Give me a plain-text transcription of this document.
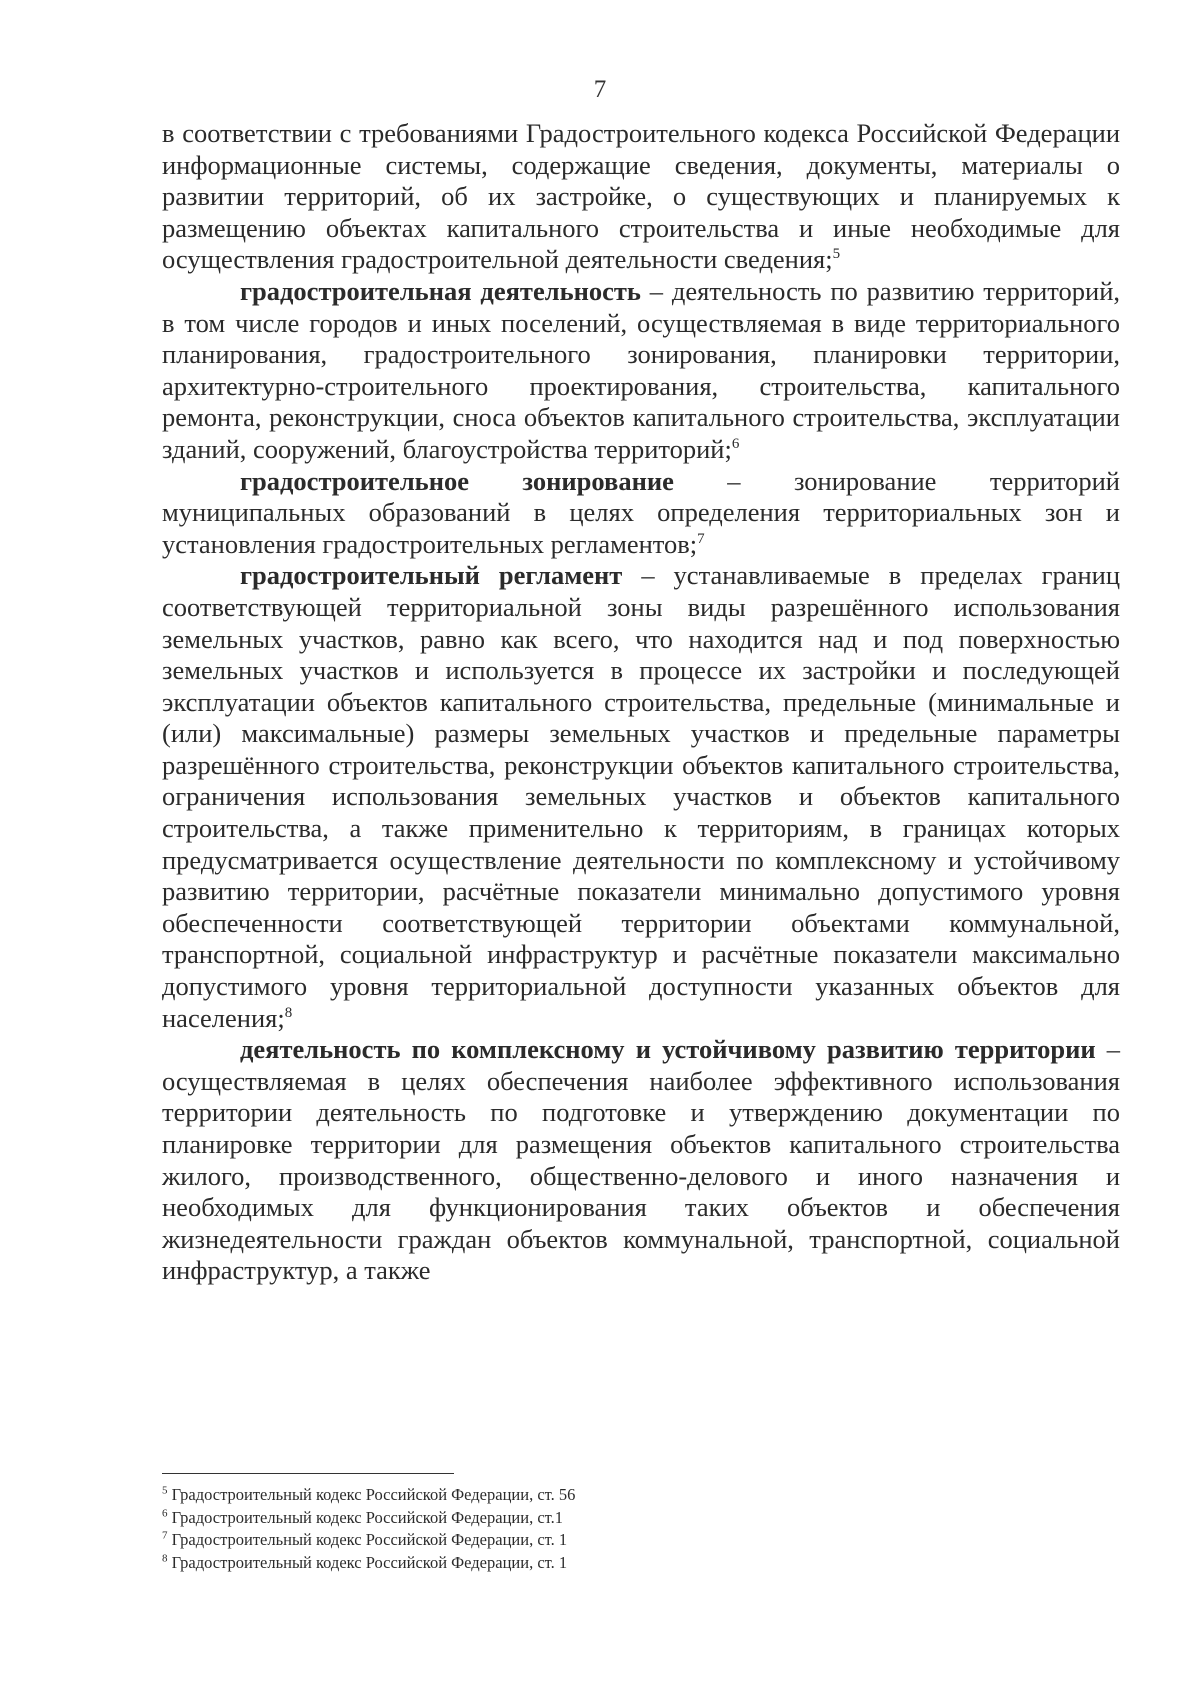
7

в соответствии с требованиями Градостроительного кодекса Российской Федерации информационные системы, содержащие сведения, документы, материалы о развитии территорий, об их застройке, о существующих и планируемых к размещению объектах капитального строительства и иные необходимые для осуществления градостроительной деятельности сведения;$^5$

градостроительная деятельность – деятельность по развитию территорий, в том числе городов и иных поселений, осуществляемая в виде территориального планирования, градостроительного зонирования, планировки территории, архитектурно-строительного проектирования, строительства, капитального ремонта, реконструкции, сноса объектов капитального строительства, эксплуатации зданий, сооружений, благоустройства территорий;$^6$

градостроительное зонирование – зонирование территорий муниципальных образований в целях определения территориальных зон и установления градостроительных регламентов;$^7$

градостроительный регламент – устанавливаемые в пределах границ соответствующей территориальной зоны виды разрешённого использования земельных участков, равно как всего, что находится над и под поверхностью земельных участков и используется в процессе их застройки и последующей эксплуатации объектов капитального строительства, предельные (минимальные и (или) максимальные) размеры земельных участков и предельные параметры разрешённого строительства, реконструкции объектов капитального строительства, ограничения использования земельных участков и объектов капитального строительства, а также применительно к территориям, в границах которых предусматривается осуществление деятельности по комплексному и устойчивому развитию территории, расчётные показатели минимально допустимого уровня обеспеченности соответствующей территории объектами коммунальной, транспортной, социальной инфраструктур и расчётные показатели максимально допустимого уровня территориальной доступности указанных объектов для населения;$^8$

деятельность по комплексному и устойчивому развитию территории – осуществляемая в целях обеспечения наиболее эффективного использования территории деятельность по подготовке и утверждению документации по планировке территории для размещения объектов капитального строительства жилого, производственного, общественно-делового и иного назначения и необходимых для функционирования таких объектов и обеспечения жизнедеятельности граждан объектов коммунальной, транспортной, социальной инфраструктур, а также

$^5$ Градостроительный кодекс Российской Федерации, ст. 56
$^6$ Градостроительный кодекс Российской Федерации, ст.1
$^7$ Градостроительный кодекс Российской Федерации, ст. 1
$^8$ Градостроительный кодекс Российской Федерации, ст. 1
